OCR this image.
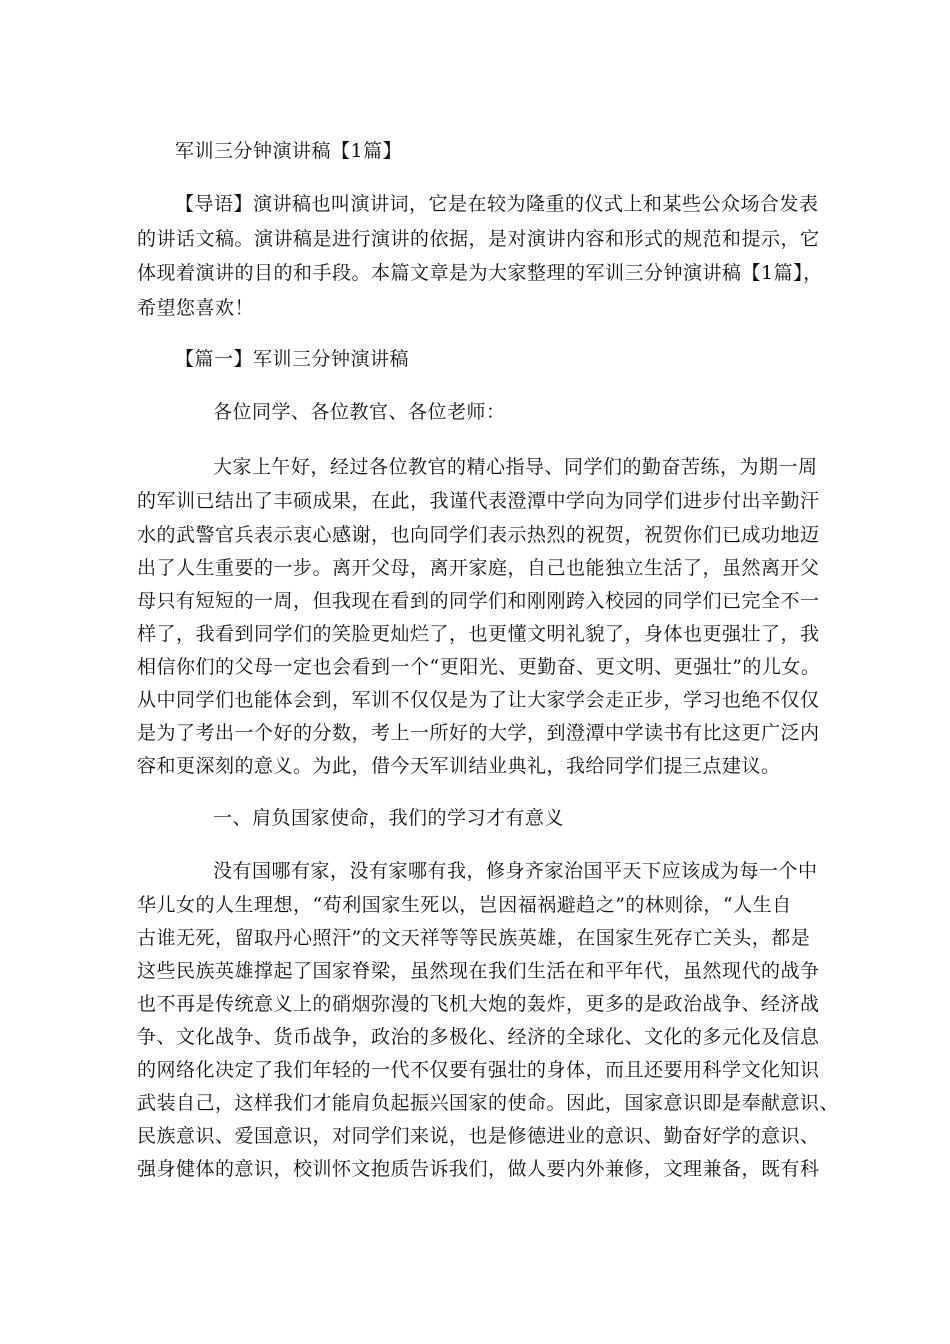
军训三分钟演讲稿【1篇】
【导语】演讲稿也叫演讲词，它是在较为隆重的仪式上和某些公众场合发表
的讲话文稿。演讲稿是进行演讲的依据，是对演讲内容和形式的规范和提示，它
体现着演讲的目的和手段。本篇文章是为大家整理的军训三分钟演讲稿【1篇】，
希望您喜欢！
【篇一】军训三分钟演讲稿
各位同学、各位教官、各位老师：
大家上午好，经过各位教官的精心指导、同学们的勤奋苦练，为期一周
的军训已结出了丰硕成果，在此，我谨代表澄潭中学向为同学们进步付出辛勤汗
水的武警官兵表示衷心感谢，也向同学们表示热烈的祝贺，祝贺你们已成功地迈
出了人生重要的一步。离开父母，离开家庭，自己也能独立生活了，虽然离开父
母只有短短的一周，但我现在看到的同学们和刚刚跨入校园的同学们已完全不一
样了，我看到同学们的笑脸更灿烂了，也更懂文明礼貌了，身体也更强壮了，我
相信你们的父母一定也会看到一个“更阳光、更勤奋、更文明、更强壮”的儿女。
从中同学们也能体会到，军训不仅仅是为了让大家学会走正步，学习也绝不仅仅
是为了考出一个好的分数，考上一所好的大学，到澄潭中学读书有比这更广泛内
容和更深刻的意义。为此，借今天军训结业典礼，我给同学们提三点建议。
一、肩负国家使命，我们的学习才有意义
没有国哪有家，没有家哪有我，修身齐家治国平天下应该成为每一个中
华儿女的人生理想，“苟利国家生死以，岂因福祸避趋之”的林则徐，“人生自
古谁无死，留取丹心照汗”的文天祥等等民族英雄，在国家生死存亡关头，都是
这些民族英雄撑起了国家脊梁，虽然现在我们生活在和平年代，虽然现代的战争
也不再是传统意义上的硝烟弥漫的飞机大炮的轰炸，更多的是政治战争、经济战
争、文化战争、货币战争，政治的多极化、经济的全球化、文化的多元化及信息
的网络化决定了我们年轻的一代不仅要有强壮的身体，而且还要用科学文化知识
武装自己，这样我们才能肩负起振兴国家的使命。因此，国家意识即是奉献意识、
民族意识、爱国意识，对同学们来说，也是修德进业的意识、勤奋好学的意识、
强身健体的意识，校训怀文抱质告诉我们，做人要内外兼修，文理兼备，既有科
